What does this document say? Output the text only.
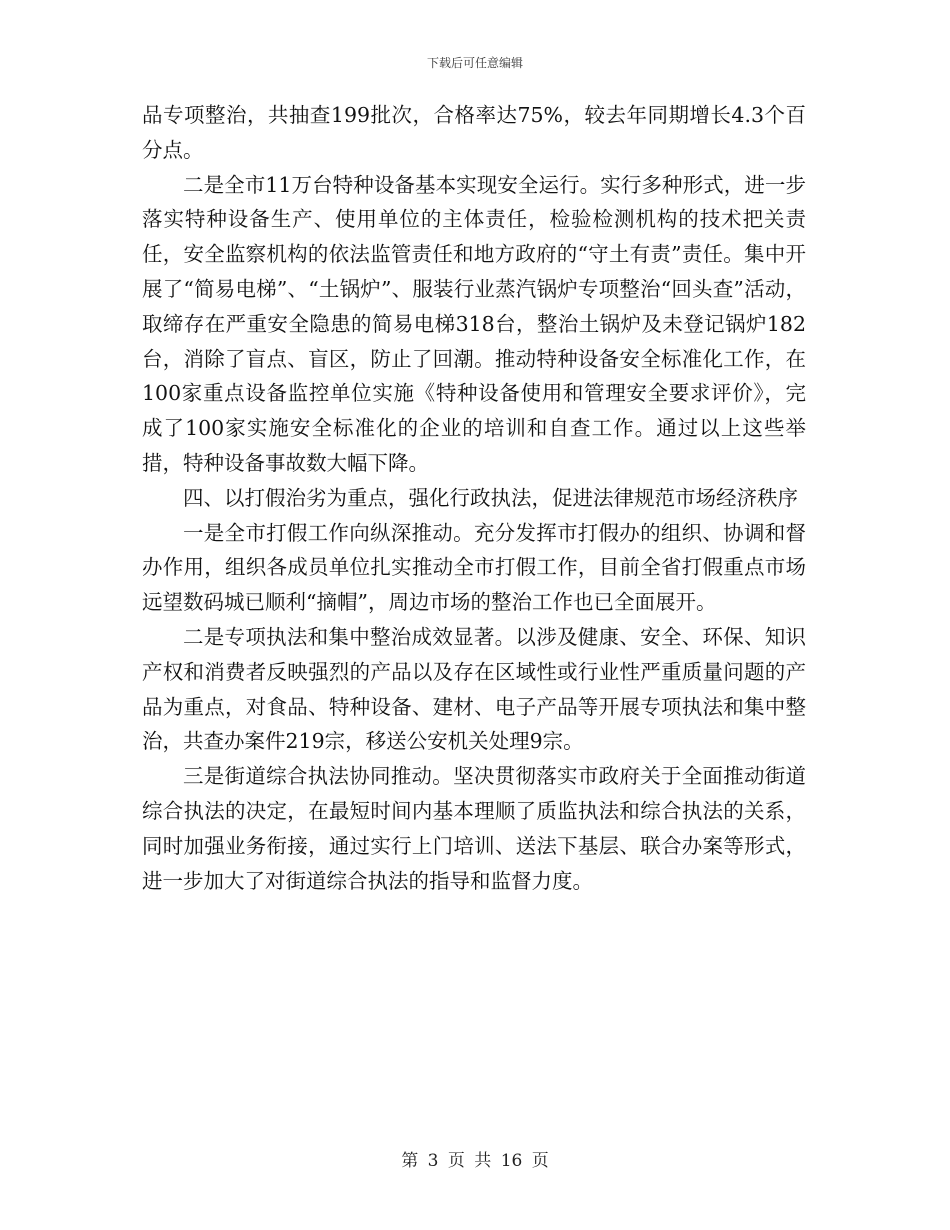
下载后可任意编辑

品专项整治，共抽查199批次，合格率达75%，较去年同期增长4.3个百分点。

二是全市11万台特种设备基本实现安全运行。实行多种形式，进一步落实特种设备生产、使用单位的主体责任，检验检测机构的技术把关责任，安全监察机构的依法监管责任和地方政府的“守土有责”责任。集中开展了“简易电梯”、“土锅炉”、服装行业蒸汽锅炉专项整治“回头查”活动，取缔存在严重安全隐患的简易电梯318台，整治土锅炉及未登记锅炉182台，消除了盲点、盲区，防止了回潮。推动特种设备安全标准化工作，在100家重点设备监控单位实施《特种设备使用和管理安全要求评价》，完成了100家实施安全标准化的企业的培训和自查工作。通过以上这些举措，特种设备事故数大幅下降。

四、以打假治劣为重点，强化行政执法，促进法律规范市场经济秩序

一是全市打假工作向纵深推动。充分发挥市打假办的组织、协调和督办作用，组织各成员单位扎实推动全市打假工作，目前全省打假重点市场远望数码城已顺利“摘帽”，周边市场的整治工作也已全面展开。

二是专项执法和集中整治成效显著。以涉及健康、安全、环保、知识产权和消费者反映强烈的产品以及存在区域性或行业性严重质量问题的产品为重点，对食品、特种设备、建材、电子产品等开展专项执法和集中整治，共查办案件219宗，移送公安机关处理9宗。

三是街道综合执法协同推动。坚决贯彻落实市政府关于全面推动街道综合执法的决定，在最短时间内基本理顺了质监执法和综合执法的关系，同时加强业务衔接，通过实行上门培训、送法下基层、联合办案等形式，进一步加大了对街道综合执法的指导和监督力度。

第 3 页 共 16 页
